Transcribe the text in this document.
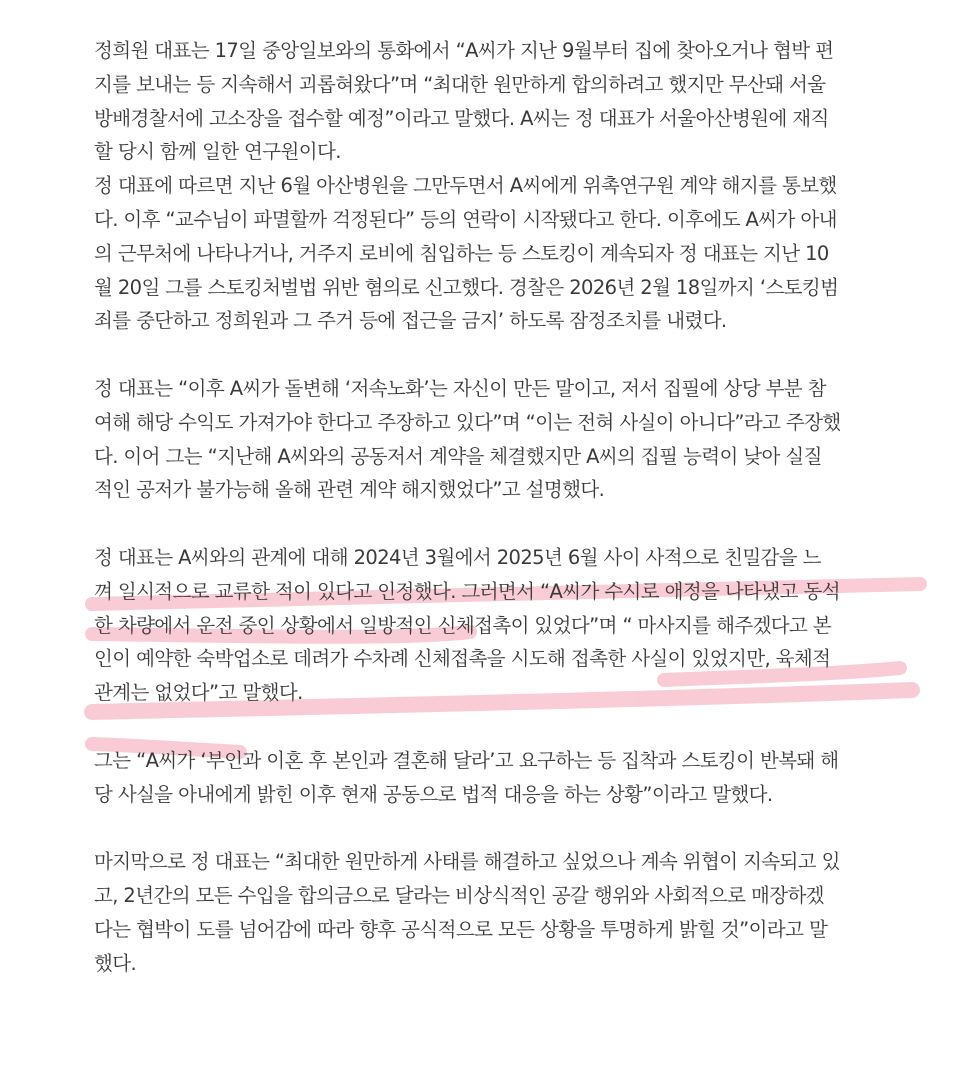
정희원 대표는 17일 중앙일보와의 통화에서 “A씨가 지난 9월부터 집에 찾아오거나 협박 편
지를 보내는 등 지속해서 괴롭혀왔다”며 “최대한 원만하게 합의하려고 했지만 무산돼 서울
방배경찰서에 고소장을 접수할 예정”이라고 말했다. A씨는 정 대표가 서울아산병원에 재직
할 당시 함께 일한 연구원이다.
정 대표에 따르면 지난 6월 아산병원을 그만두면서 A씨에게 위촉연구원 계약 해지를 통보했
다. 이후 “교수님이 파멸할까 걱정된다” 등의 연락이 시작됐다고 한다. 이후에도 A씨가 아내
의 근무처에 나타나거나, 거주지 로비에 침입하는 등 스토킹이 계속되자 정 대표는 지난 10
월 20일 그를 스토킹처벌법 위반 혐의로 신고했다. 경찰은 2026년 2월 18일까지 ‘스토킹범
죄를 중단하고 정희원과 그 주거 등에 접근을 금지’ 하도록 잠정조치를 내렸다.
정 대표는 “이후 A씨가 돌변해 ‘저속노화’는 자신이 만든 말이고, 저서 집필에 상당 부분 참
여해 해당 수익도 가져가야 한다고 주장하고 있다”며 “이는 전혀 사실이 아니다”라고 주장했
다. 이어 그는 “지난해 A씨와의 공동저서 계약을 체결했지만 A씨의 집필 능력이 낮아 실질
적인 공저가 불가능해 올해 관련 계약 해지했었다”고 설명했다.
정 대표는 A씨와의 관계에 대해 2024년 3월에서 2025년 6월 사이 사적으로 친밀감을 느
껴 일시적으로 교류한 적이 있다고 인정했다. 그러면서 “A씨가 수시로 애정을 나타냈고 동석
한 차량에서 운전 중인 상황에서 일방적인 신체접촉이 있었다”며 “ 마사지를 해주겠다고 본
인이 예약한 숙박업소로 데려가 수차례 신체접촉을 시도해 접촉한 사실이 있었지만, 육체적
관계는 없었다”고 말했다.
그는 “A씨가 ‘부인과 이혼 후 본인과 결혼해 달라’고 요구하는 등 집착과 스토킹이 반복돼 해
당 사실을 아내에게 밝힌 이후 현재 공동으로 법적 대응을 하는 상황”이라고 말했다.
마지막으로 정 대표는 “최대한 원만하게 사태를 해결하고 싶었으나 계속 위협이 지속되고 있
고, 2년간의 모든 수입을 합의금으로 달라는 비상식적인 공갈 행위와 사회적으로 매장하겠
다는 협박이 도를 넘어감에 따라 향후 공식적으로 모든 상황을 투명하게 밝힐 것”이라고 말
했다.
